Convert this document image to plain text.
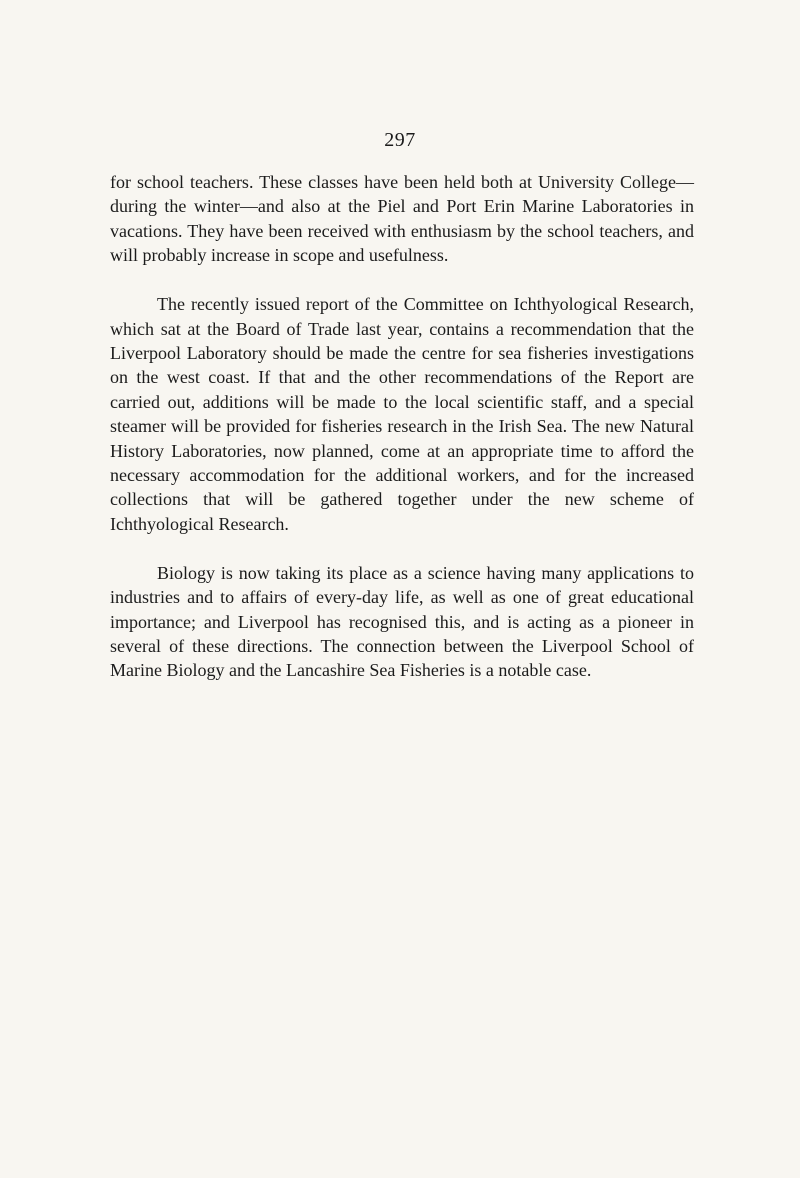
297

for school teachers. These classes have been held both at University College—during the winter—and also at the Piel and Port Erin Marine Laboratories in vacations. They have been received with enthusiasm by the school teachers, and will probably increase in scope and usefulness.

The recently issued report of the Committee on Ichthyological Research, which sat at the Board of Trade last year, contains a recommendation that the Liverpool Laboratory should be made the centre for sea fisheries investigations on the west coast. If that and the other recommendations of the Report are carried out, additions will be made to the local scientific staff, and a special steamer will be provided for fisheries research in the Irish Sea. The new Natural History Laboratories, now planned, come at an appropriate time to afford the necessary accommodation for the additional workers, and for the increased collections that will be gathered together under the new scheme of Ichthyological Research.

Biology is now taking its place as a science having many applications to industries and to affairs of every-day life, as well as one of great educational importance; and Liverpool has recognised this, and is acting as a pioneer in several of these directions. The connection between the Liverpool School of Marine Biology and the Lancashire Sea Fisheries is a notable case.
